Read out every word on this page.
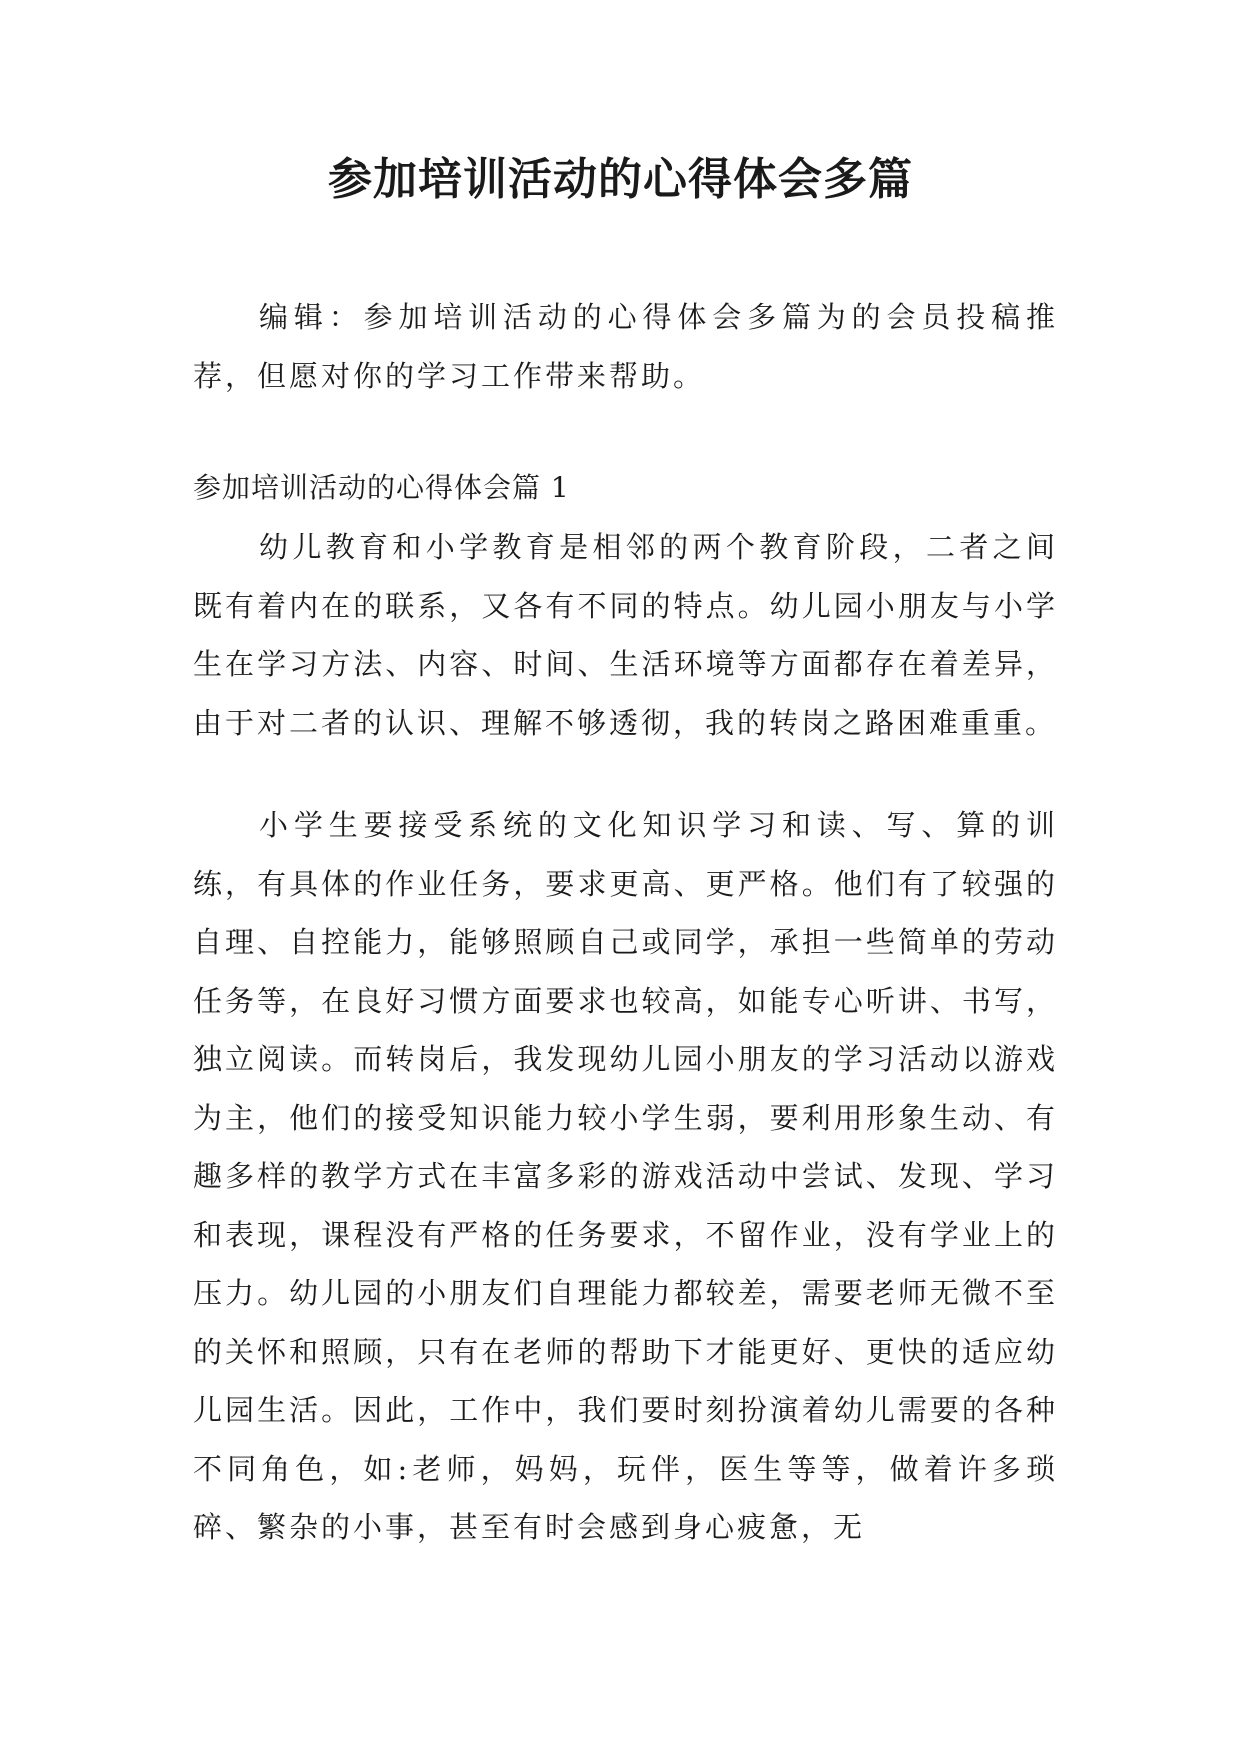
参加培训活动的心得体会多篇

编辑：参加培训活动的心得体会多篇为的会员投稿推荐，但愿对你的学习工作带来帮助。

参加培训活动的心得体会篇 1

幼儿教育和小学教育是相邻的两个教育阶段，二者之间既有着内在的联系，又各有不同的特点。幼儿园小朋友与小学生在学习方法、内容、时间、生活环境等方面都存在着差异，由于对二者的认识、理解不够透彻，我的转岗之路困难重重。

小学生要接受系统的文化知识学习和读、写、算的训练，有具体的作业任务，要求更高、更严格。他们有了较强的自理、自控能力，能够照顾自己或同学，承担一些简单的劳动任务等，在良好习惯方面要求也较高，如能专心听讲、书写，独立阅读。而转岗后，我发现幼儿园小朋友的学习活动以游戏为主，他们的接受知识能力较小学生弱，要利用形象生动、有趣多样的教学方式在丰富多彩的游戏活动中尝试、发现、学习和表现，课程没有严格的任务要求，不留作业，没有学业上的压力。幼儿园的小朋友们自理能力都较差，需要老师无微不至的关怀和照顾，只有在老师的帮助下才能更好、更快的适应幼儿园生活。因此，工作中，我们要时刻扮演着幼儿需要的各种不同角色，如:老师，妈妈，玩伴，医生等等，做着许多琐碎、繁杂的小事，甚至有时会感到身心疲惫，无
